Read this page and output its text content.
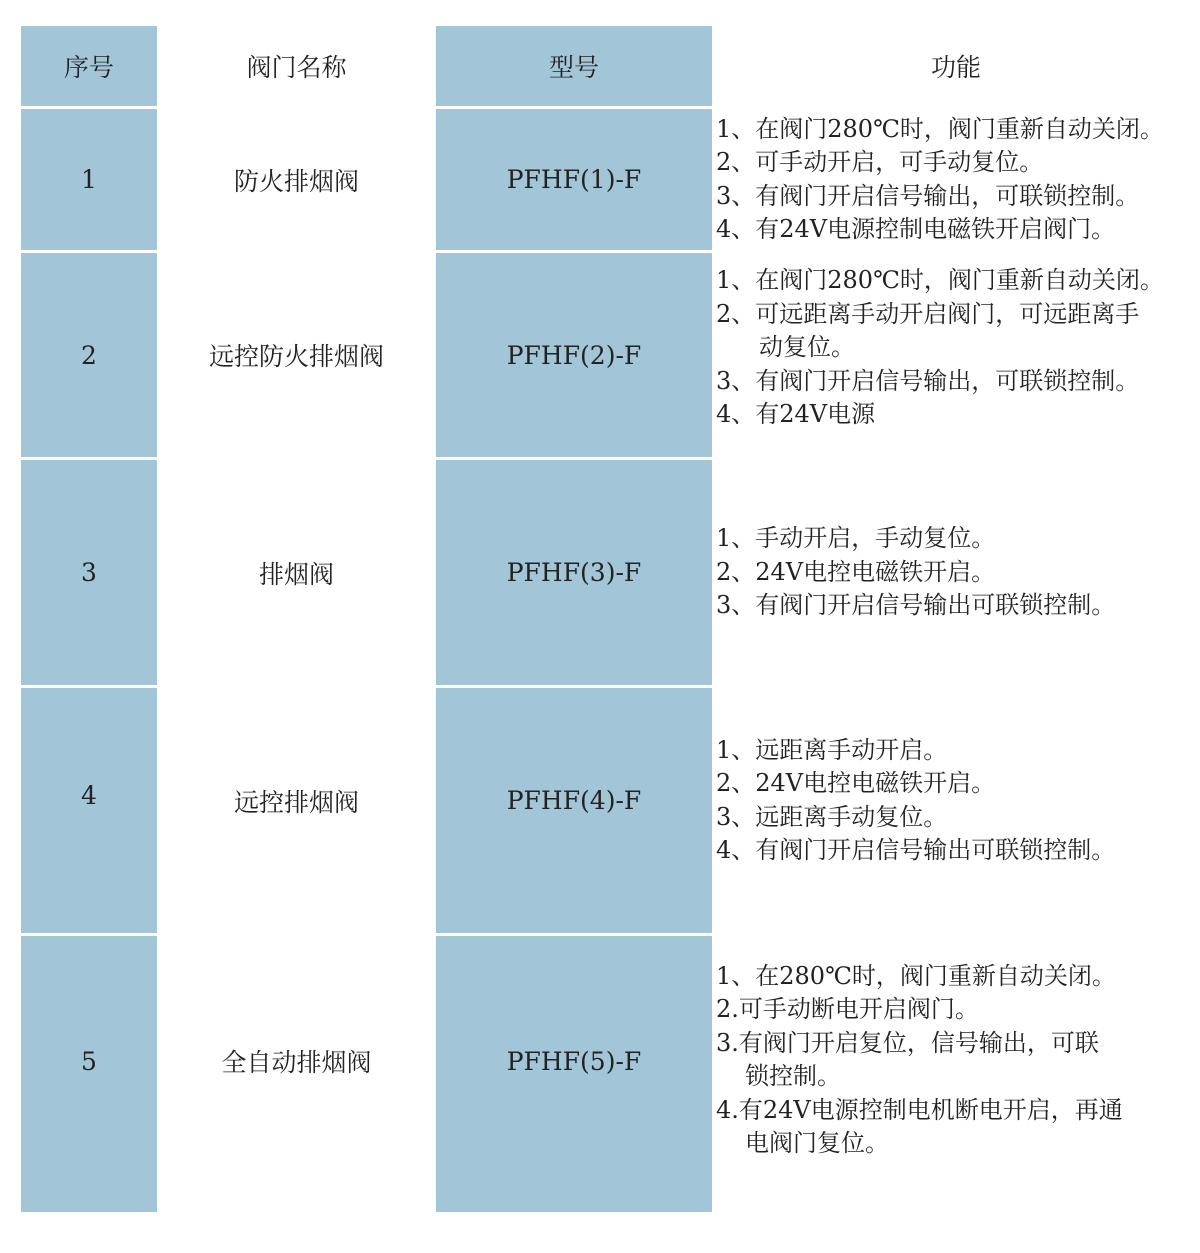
序号	阀门名称	型号	功能
1	防火排烟阀	PFHF(1)-F
1、在阀门280℃时，阀门重新自动关闭。
2、可手动开启，可手动复位。
3、有阀门开启信号输出，可联锁控制。
4、有24V电源控制电磁铁开启阀门。
2	远控防火排烟阀	PFHF(2)-F
1、在阀门280℃时，阀门重新自动关闭。
2、可远距离手动开启阀门，可远距离手
动复位。
3、有阀门开启信号输出，可联锁控制。
4、有24V电源
3	排烟阀	PFHF(3)-F
1、手动开启，手动复位。
2、24V电控电磁铁开启。
3、有阀门开启信号输出可联锁控制。
4	远控排烟阀	PFHF(4)-F
1、远距离手动开启。
2、24V电控电磁铁开启。
3、远距离手动复位。
4、有阀门开启信号输出可联锁控制。
5	全自动排烟阀	PFHF(5)-F
1、在280℃时，阀门重新自动关闭。
2.可手动断电开启阀门。
3.有阀门开启复位，信号输出，可联
锁控制。
4.有24V电源控制电机断电开启，再通
电阀门复位。
